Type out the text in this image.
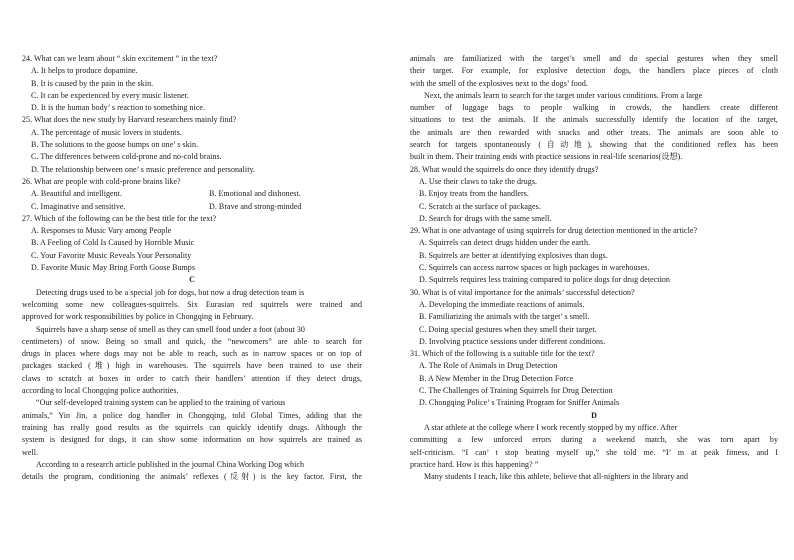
24. What can we learn about “ skin excitement ” in the text?
A. It helps to produce dopamine.
B. It is caused by the pain in the skin.
C. It can be experienced by every music listener.
D. It is the human body’ s reaction to something nice.
25. What does the new study by Harvard researchers mainly find?
A. The percentage of music lovers in students.
B. The solutions to the goose bumps on one’ s skin.
C. The differences between cold-prone and no-cold brains.
D. The relationship between one’ s music preference and personality.
26. What are people with cold-prone brains like?
A. Beautiful and intelligent.	B. Emotional and dishonest.
C. Imaginative and sensitive.	D. Brave and strong-minded
27. Which of the following can be the best title for the text?
A. Responses to Music Vary among People
B. A Feeling of Cold Is Caused by Horrible Music
C. Your Favorite Music Reveals Your Personality
D. Favorite Music May Bring Forth Goose Bumps
C
Detecting drugs used to be a special job for dogs, but now a drug detection team is
welcoming some new colleagues-squirrels. Six Eurasian red squirrels were trained and
approved for work responsibilities by police in Chongqing in February.
Squirrels have a sharp sense of smell as they can smell food under a foot (about 30
centimeters) of snow. Being so small and quick, the “newcomers” are able to search for
drugs in places where dogs may not be able to reach, such as in narrow spaces or on top of
packages stacked (堆) high in warehouses. The squirrels have been trained to use their
claws to scratch at boxes in order to catch their handlers’ attention if they detect drugs,
according to local Chongqing police authorities.
“Our self-developed training system can be applied to the training of various
animals,” Yin Jin, a police dog handler in Chongqing, told Global Times, adding that the
training has really good results as the squirrels can quickly identify drugs. Although the
system is designed for dogs, it can show some information on how squirrels are trained as
well.
According to a research article published in the journal China Working Dog which
details the program, conditioning the animals’ reflexes (反射) is the key factor. First, the
animals are familiarized with the target’s smell and do special gestures when they smell
their target. For example, for explosive detection dogs, the handlers place pieces of cloth
with the smell of the explosives next to the dogs’ food.
Next, the animals learn to search for the target under various conditions. From a large
number of luggage bags to people walking in crowds, the handlers create different
situations to test the animals. If the animals successfully identify the location of the target,
the animals are then rewarded with snacks and other treats. The animals are soon able to
search for targets spontaneously (自动地), showing that the conditioned reflex has been
built in them. Their training ends with practice sessions in real-life scenarios(设想).
28. What would the squirrels do once they identify drugs?
A. Use their claws to take the drugs.
B. Enjoy treats from the handlers.
C. Scratch at the surface of packages.
D. Search for drugs with the same smell.
29. What is one advantage of using squirrels for drug detection mentioned in the article?
A. Squirrels can detect drugs hidden under the earth.
B. Squirrels are better at identifying explosives than dogs.
C. Squirrels can access narrow spaces or high packages in warehouses.
D. Squirrels requires less training compared to police dogs for drug detection
30. What is of vital importance for the animals’ successful detection?
A. Developing the immediate reactions of animals.
B. Familiarizing the animals with the target’ s smell.
C. Doing special gestures when they smell their target.
D. Involving practice sessions under different conditions.
31. Which of the following is a suitable title for the text?
A. The Role of Animals in Drug Detection
B. A New Member in the Drug Detection Force
C. The Challenges of Training Squirrels for Drug Detection
D. Chongqing Police’ s Training Program for Sniffer Animals
D
A star athlete at the college where I work recently stopped by my office. After
committing a few unforced errors during a weekend match, she was torn apart by
self-criticism. “I can’ t stop beating myself up,” she told me. “I’ m at peak fitness, and I
practice hard. How is this happening? ”
Many students I teach, like this athlete, believe that all-nighters in the library and
